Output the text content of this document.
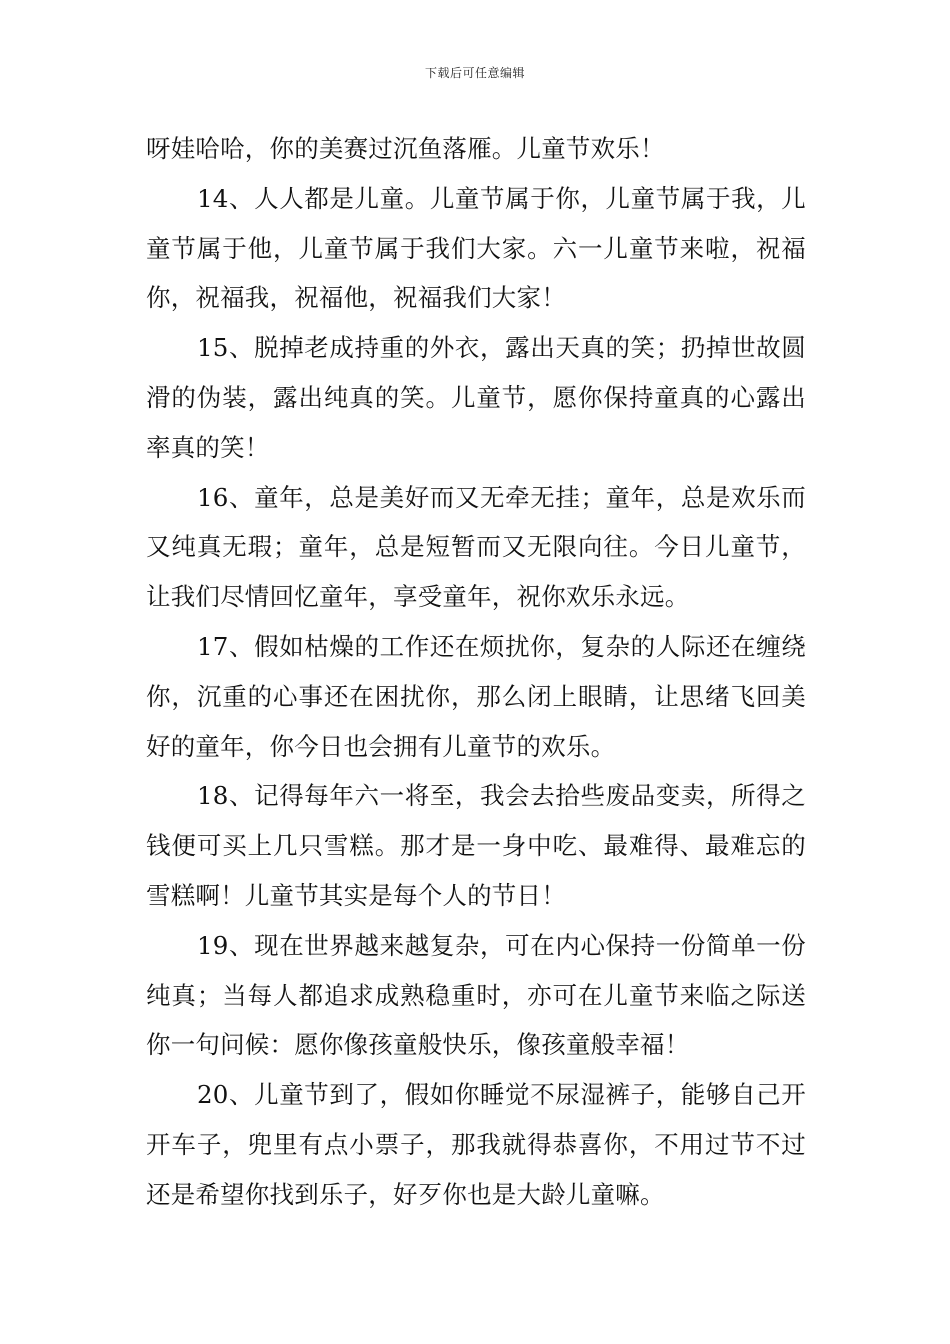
下载后可任意编辑

呀娃哈哈，你的美赛过沉鱼落雁。儿童节欢乐！

14、人人都是儿童。儿童节属于你，儿童节属于我，儿童节属于他，儿童节属于我们大家。六一儿童节来啦，祝福你，祝福我，祝福他，祝福我们大家！

15、脱掉老成持重的外衣，露出天真的笑；扔掉世故圆滑的伪装，露出纯真的笑。儿童节，愿你保持童真的心露出率真的笑！

16、童年，总是美好而又无牵无挂；童年，总是欢乐而又纯真无瑕；童年，总是短暂而又无限向往。今日儿童节，让我们尽情回忆童年，享受童年，祝你欢乐永远。

17、假如枯燥的工作还在烦扰你，复杂的人际还在缠绕你，沉重的心事还在困扰你，那么闭上眼睛，让思绪飞回美好的童年，你今日也会拥有儿童节的欢乐。

18、记得每年六一将至，我会去拾些废品变卖，所得之钱便可买上几只雪糕。那才是一身中吃、最难得、最难忘的雪糕啊！儿童节其实是每个人的节日！

19、现在世界越来越复杂，可在内心保持一份简单一份纯真；当每人都追求成熟稳重时，亦可在儿童节来临之际送你一句问候：愿你像孩童般快乐，像孩童般幸福！

20、儿童节到了，假如你睡觉不尿湿裤子，能够自己开开车子，兜里有点小票子，那我就得恭喜你，不用过节不过还是希望你找到乐子，好歹你也是大龄儿童嘛。
